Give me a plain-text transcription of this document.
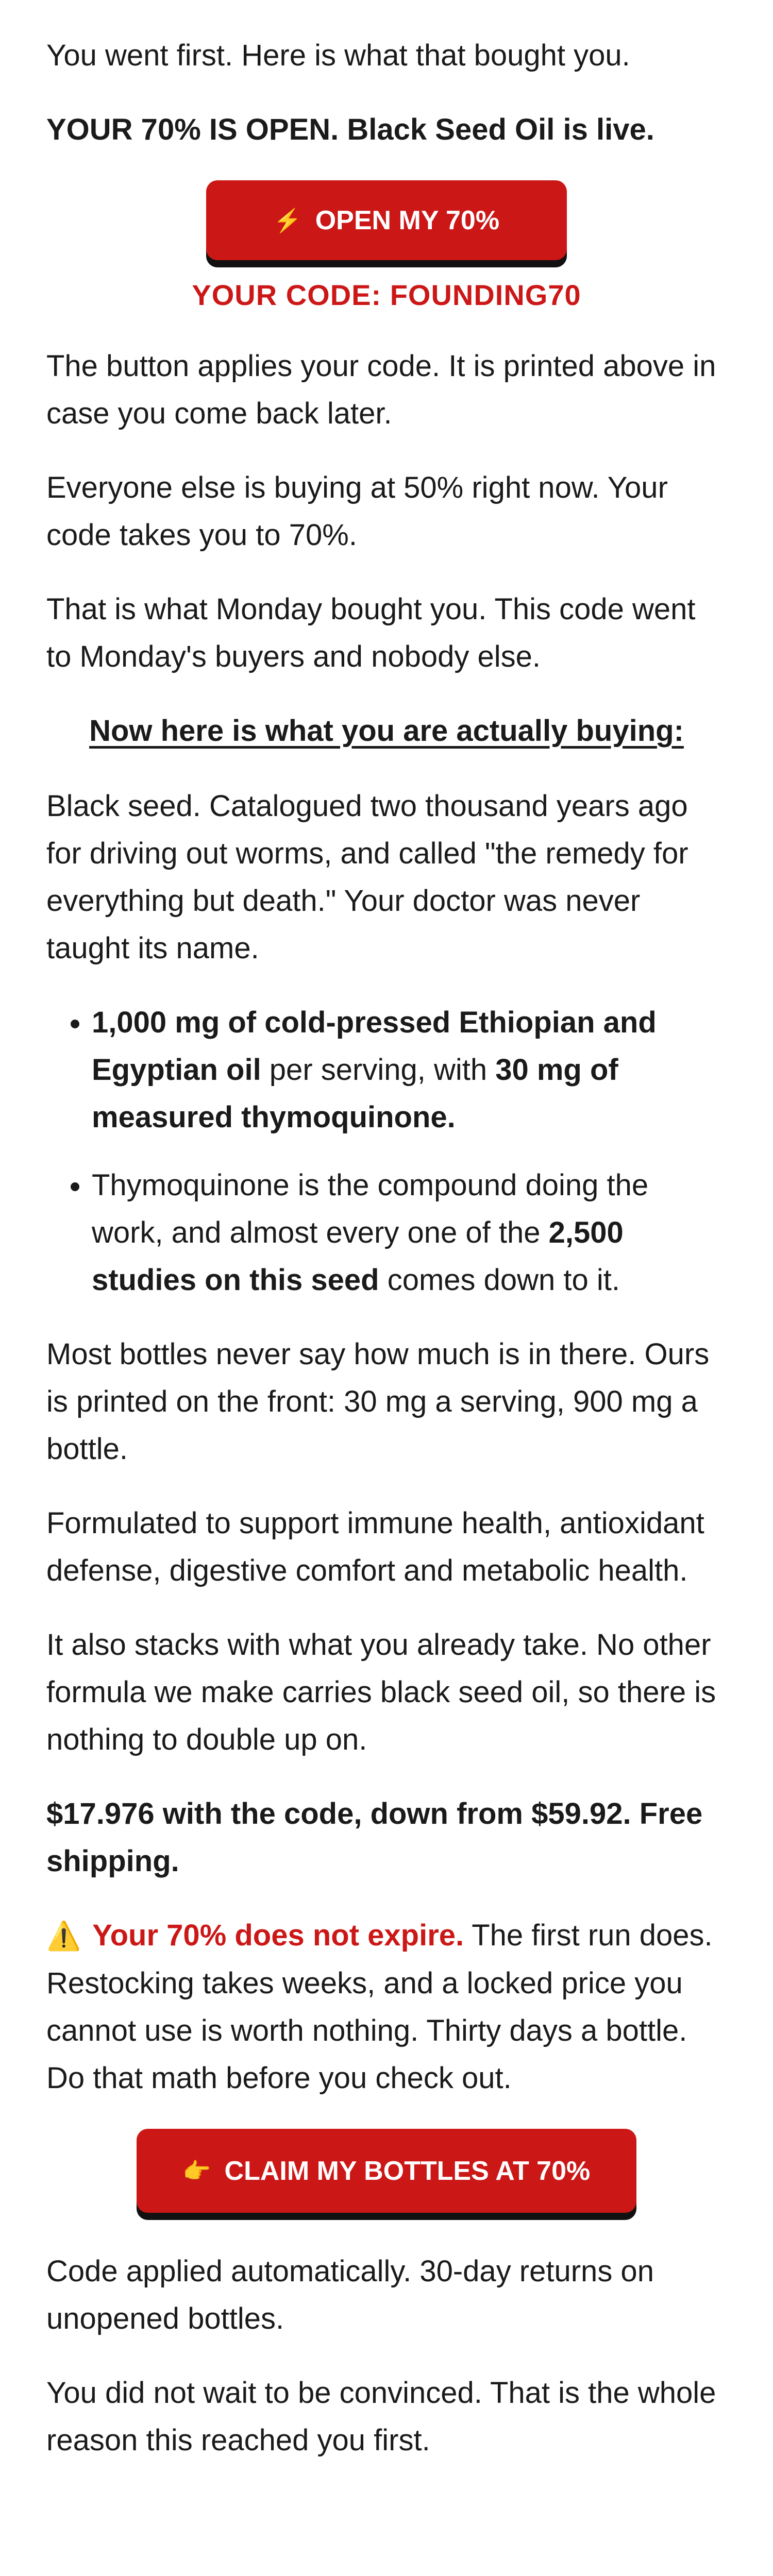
You went first. Here is what that bought you.

YOUR 70% IS OPEN. Black Seed Oil is live.

⚡ OPEN MY 70%
YOUR CODE: FOUNDING70

The button applies your code. It is printed above in case you come back later.

Everyone else is buying at 50% right now. Your code takes you to 70%.

That is what Monday bought you. This code went to Monday's buyers and nobody else.

Now here is what you are actually buying:

Black seed. Catalogued two thousand years ago for driving out worms, and called "the remedy for everything but death." Your doctor was never taught its name.

• 1,000 mg of cold-pressed Ethiopian and Egyptian oil per serving, with 30 mg of measured thymoquinone.
• Thymoquinone is the compound doing the work, and almost every one of the 2,500 studies on this seed comes down to it.

Most bottles never say how much is in there. Ours is printed on the front: 30 mg a serving, 900 mg a bottle.

Formulated to support immune health, antioxidant defense, digestive comfort and metabolic health.

It also stacks with what you already take. No other formula we make carries black seed oil, so there is nothing to double up on.

$17.976 with the code, down from $59.92. Free shipping.

⚠️ Your 70% does not expire. The first run does. Restocking takes weeks, and a locked price you cannot use is worth nothing. Thirty days a bottle. Do that math before you check out.

👉 CLAIM MY BOTTLES AT 70%

Code applied automatically. 30-day returns on unopened bottles.

You did not wait to be convinced. That is the whole reason this reached you first.
